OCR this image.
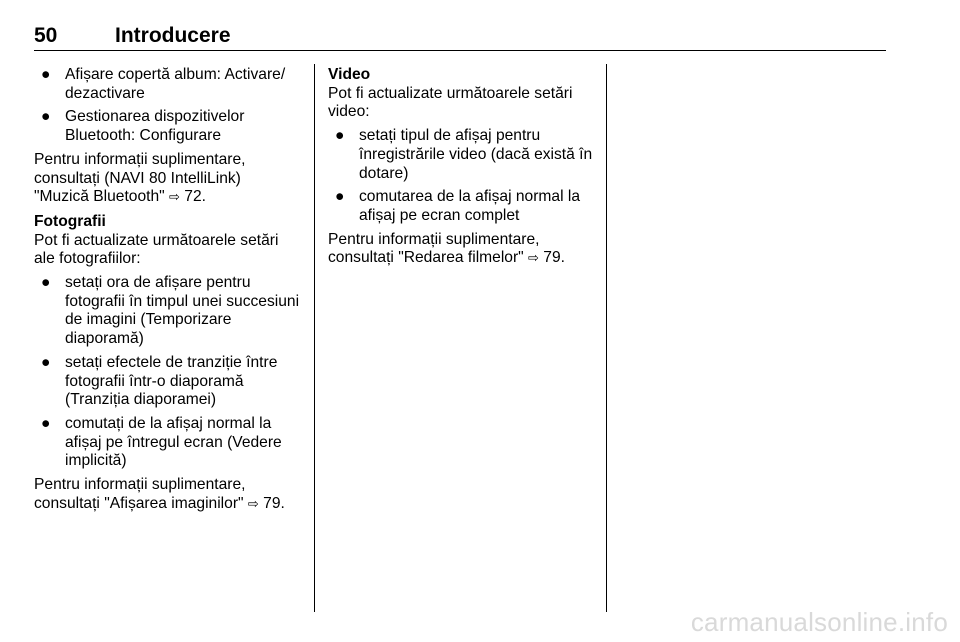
50	Introducere
● Afișare copertă album: Activare/ dezactivare
● Gestionarea dispozitivelor Bluetooth: Configurare

Pentru informații suplimentare, consultați (NAVI 80 IntelliLink) "Muzică Bluetooth" ⇨ 72.

Fotografii

Pot fi actualizate următoarele setări ale fotografiilor:

● setați ora de afișare pentru fotografii în timpul unei succesiuni de imagini (Temporizare diaporamă)
● setați efectele de tranziție între fotografii într-o diaporamă (Tranziția diaporamei)
● comutați de la afișaj normal la afișaj pe întregul ecran (Vedere implicită)

Pentru informații suplimentare, consultați "Afișarea imaginilor" ⇨ 79.

Video

Pot fi actualizate următoarele setări video:

● setați tipul de afișaj pentru înregistrările video (dacă există în dotare)
● comutarea de la afișaj normal la afișaj pe ecran complet

Pentru informații suplimentare, consultați "Redarea filmelor" ⇨ 79.

carmanualsonline.info
